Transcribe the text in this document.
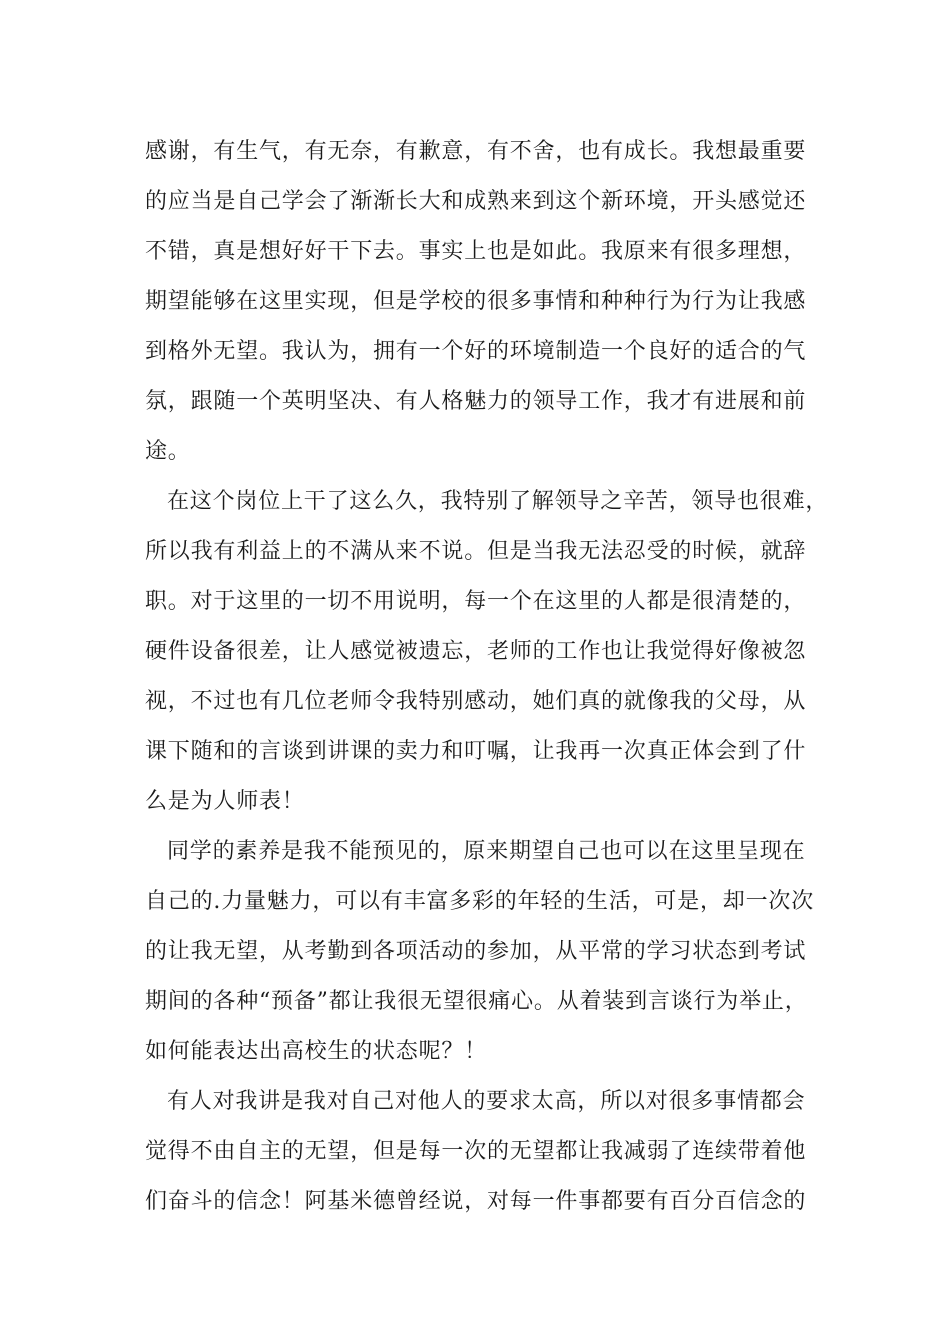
感谢，有生气，有无奈，有歉意，有不舍，也有成长。我想最重要
的应当是自己学会了渐渐长大和成熟来到这个新环境，开头感觉还
不错，真是想好好干下去。事实上也是如此。我原来有很多理想，
期望能够在这里实现，但是学校的很多事情和种种行为行为让我感
到格外无望。我认为，拥有一个好的环境制造一个良好的适合的气
氛，跟随一个英明坚决、有人格魅力的领导工作，我才有进展和前
途。
在这个岗位上干了这么久，我特别了解领导之辛苦，领导也很难，
所以我有利益上的不满从来不说。但是当我无法忍受的时候，就辞
职。对于这里的一切不用说明，每一个在这里的人都是很清楚的，
硬件设备很差，让人感觉被遗忘，老师的工作也让我觉得好像被忽
视，不过也有几位老师令我特别感动，她们真的就像我的父母，从
课下随和的言谈到讲课的卖力和叮嘱，让我再一次真正体会到了什
么是为人师表！
同学的素养是我不能预见的，原来期望自己也可以在这里呈现在
自己的.力量魅力，可以有丰富多彩的年轻的生活，可是，却一次次
的让我无望，从考勤到各项活动的参加，从平常的学习状态到考试
期间的各种“预备”都让我很无望很痛心。从着装到言谈行为举止，
如何能表达出高校生的状态呢？！
有人对我讲是我对自己对他人的要求太高，所以对很多事情都会
觉得不由自主的无望，但是每一次的无望都让我减弱了连续带着他
们奋斗的信念！阿基米德曾经说，对每一件事都要有百分百信念的
